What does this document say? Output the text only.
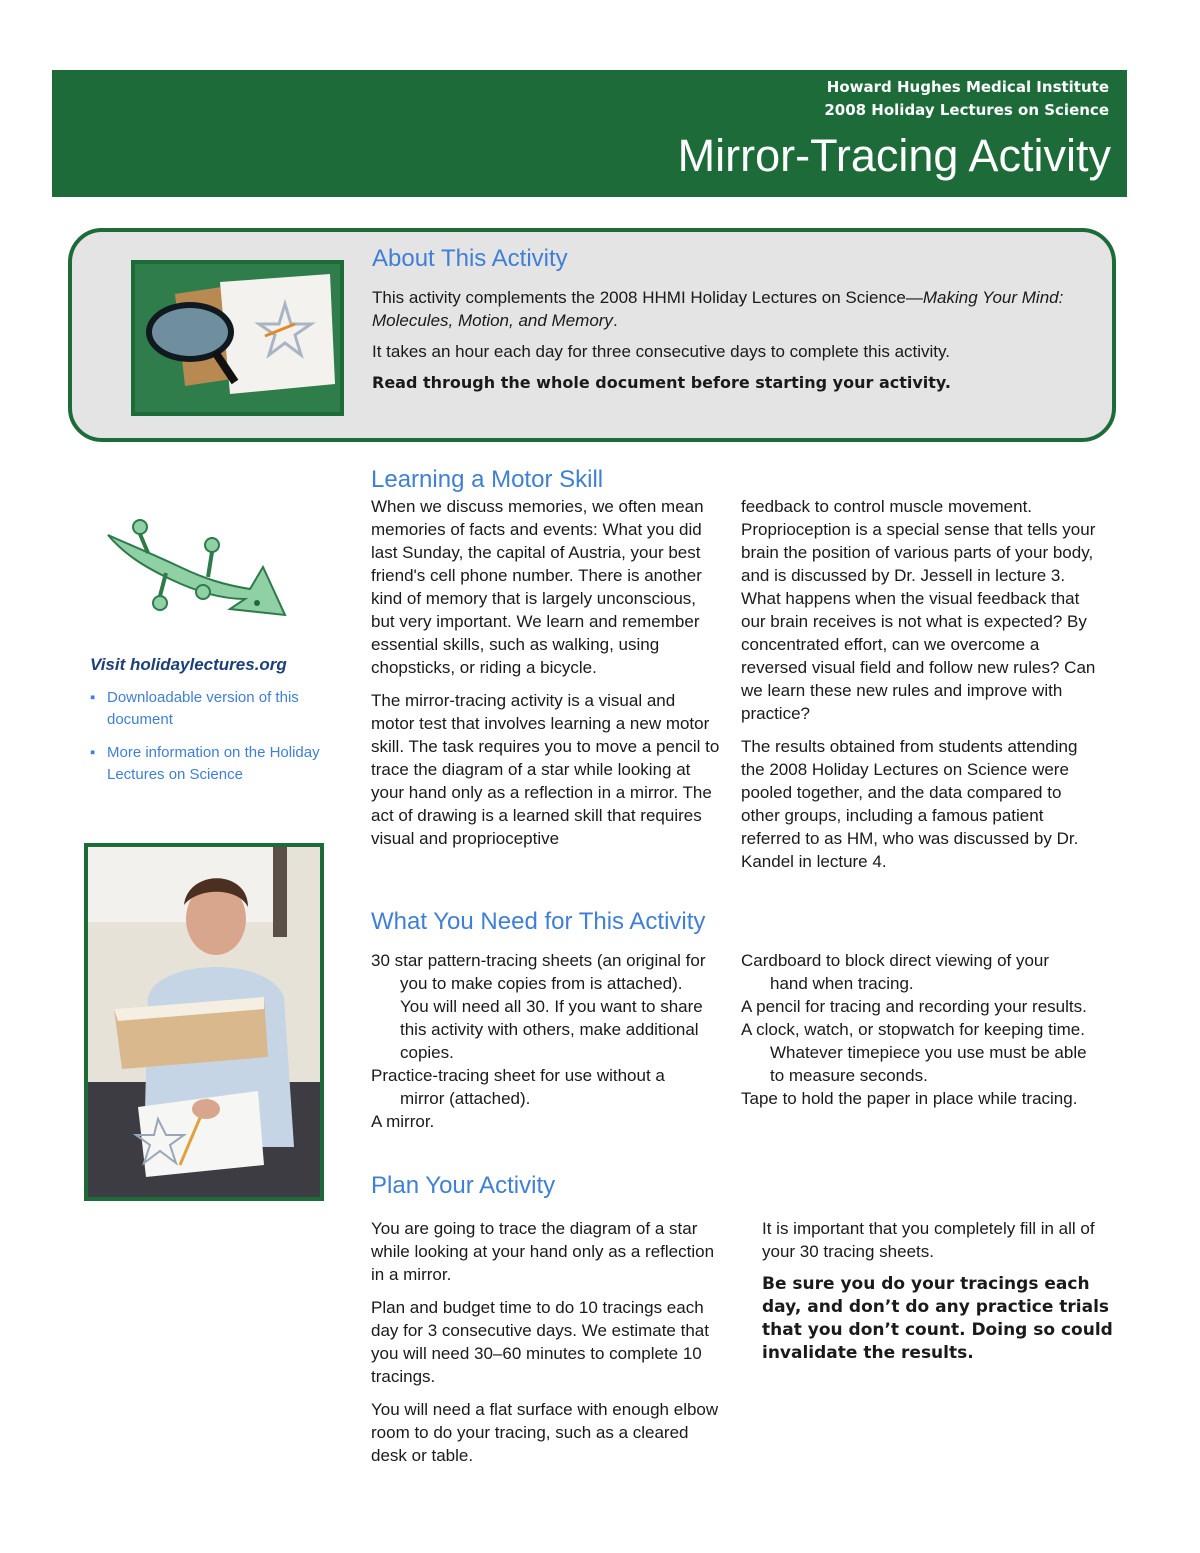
Howard Hughes Medical Institute
2008 Holiday Lectures on Science
Mirror-Tracing Activity
About This Activity

This activity complements the 2008 HHMI Holiday Lectures on Science—Making Your Mind: Molecules, Motion, and Memory.

It takes an hour each day for three consecutive days to complete this activity.

Read through the whole document before starting your activity.

Visit holidaylectures.org
▪ Downloadable version of this document
▪ More information on the Holiday Lectures on Science
Learning a Motor Skill

When we discuss memories, we often mean memories of facts and events: What you did last Sunday, the capital of Austria, your best friend's cell phone number. There is another kind of memory that is largely unconscious, but very important. We learn and remember essential skills, such as walking, using chopsticks, or riding a bicycle.

The mirror-tracing activity is a visual and motor test that involves learning a new motor skill. The task requires you to move a pencil to trace the diagram of a star while looking at your hand only as a reflection in a mirror. The act of drawing is a learned skill that requires visual and proprioceptive

feedback to control muscle movement. Proprioception is a special sense that tells your brain the position of various parts of your body, and is discussed by Dr. Jessell in lecture 3. What happens when the visual feedback that our brain receives is not what is expected? By concentrated effort, can we overcome a reversed visual field and follow new rules? Can we learn these new rules and improve with practice?

The results obtained from students attending the 2008 Holiday Lectures on Science were pooled together, and the data compared to other groups, including a famous patient referred to as HM, who was discussed by Dr. Kandel in lecture 4.

What You Need for This Activity

30 star pattern-tracing sheets (an original for you to make copies from is attached). You will need all 30. If you want to share this activity with others, make additional copies.

Practice-tracing sheet for use without a mirror (attached).

A mirror.

Cardboard to block direct viewing of your hand when tracing.

A pencil for tracing and recording your results.

A clock, watch, or stopwatch for keeping time. Whatever timepiece you use must be able to measure seconds.

Tape to hold the paper in place while tracing.

Plan Your Activity

You are going to trace the diagram of a star while looking at your hand only as a reflection in a mirror.

Plan and budget time to do 10 tracings each day for 3 consecutive days. We estimate that you will need 30–60 minutes to complete 10 tracings.

You will need a flat surface with enough elbow room to do your tracing, such as a cleared desk or table.

It is important that you completely fill in all of your 30 tracing sheets.

Be sure you do your tracings each day, and don’t do any practice trials that you don’t count. Doing so could invalidate the results.
